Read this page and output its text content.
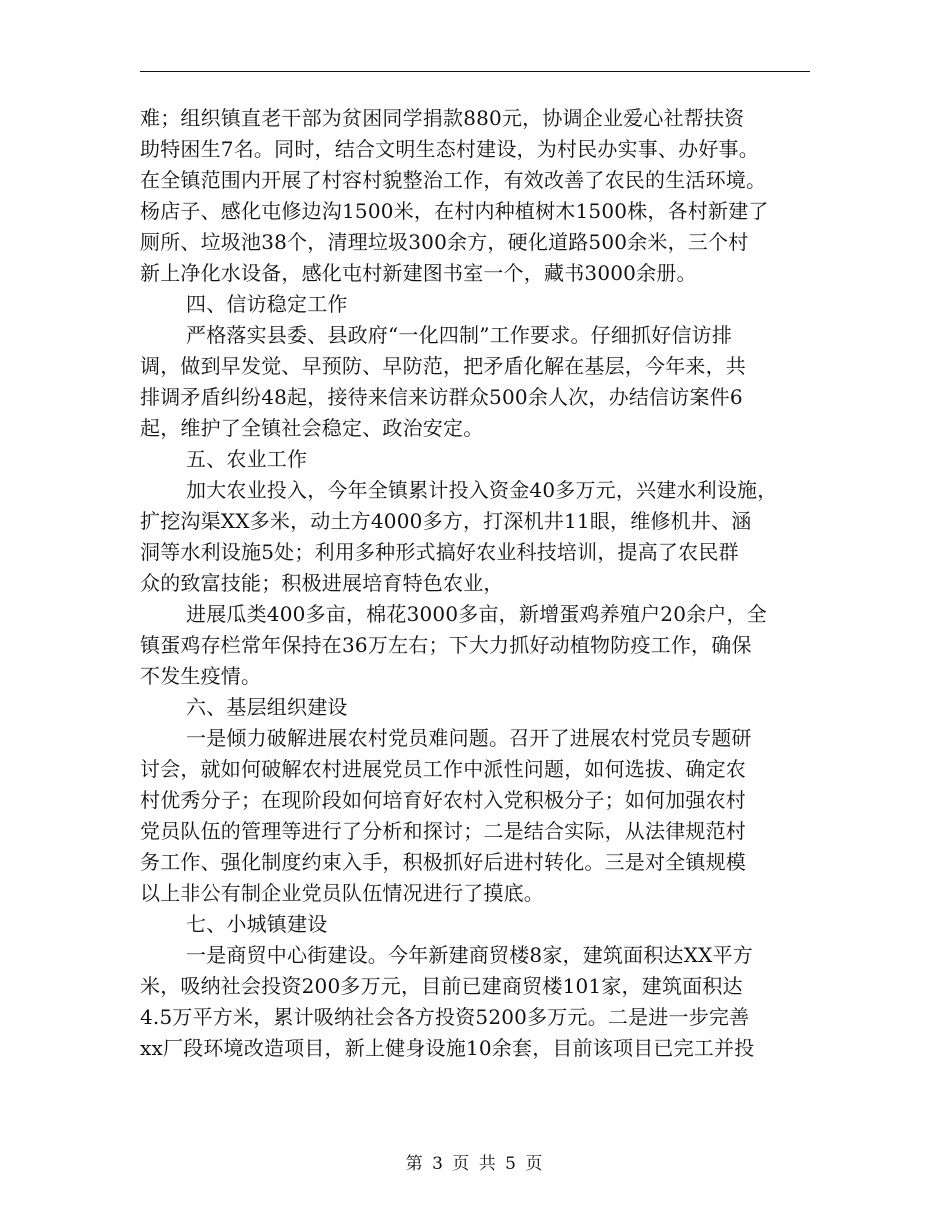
难；组织镇直老干部为贫困同学捐款880元，协调企业爱心社帮扶资
助特困生7名。同时，结合文明生态村建设，为村民办实事、办好事。
在全镇范围内开展了村容村貌整治工作，有效改善了农民的生活环境。
杨店子、感化屯修边沟1500米，在村内种植树木1500株，各村新建了
厕所、垃圾池38个，清理垃圾300余方，硬化道路500余米，三个村
新上净化水设备，感化屯村新建图书室一个，藏书3000余册。
四、信访稳定工作
严格落实县委、县政府“一化四制”工作要求。仔细抓好信访排
调，做到早发觉、早预防、早防范，把矛盾化解在基层，今年来，共
排调矛盾纠纷48起，接待来信来访群众500余人次，办结信访案件6
起，维护了全镇社会稳定、政治安定。
五、农业工作
加大农业投入，今年全镇累计投入资金40多万元，兴建水利设施，
扩挖沟渠XX多米，动土方4000多方，打深机井11眼，维修机井、涵
洞等水利设施5处；利用多种形式搞好农业科技培训，提高了农民群
众的致富技能；积极进展培育特色农业，
进展瓜类400多亩，棉花3000多亩，新增蛋鸡养殖户20余户，全
镇蛋鸡存栏常年保持在36万左右；下大力抓好动植物防疫工作，确保
不发生疫情。
六、基层组织建设
一是倾力破解进展农村党员难问题。召开了进展农村党员专题研
讨会，就如何破解农村进展党员工作中派性问题，如何选拔、确定农
村优秀分子；在现阶段如何培育好农村入党积极分子；如何加强农村
党员队伍的管理等进行了分析和探讨；二是结合实际，从法律规范村
务工作、强化制度约束入手，积极抓好后进村转化。三是对全镇规模
以上非公有制企业党员队伍情况进行了摸底。
七、小城镇建设
一是商贸中心街建设。今年新建商贸楼8家，建筑面积达XX平方
米，吸纳社会投资200多万元，目前已建商贸楼101家，建筑面积达
4.5万平方米，累计吸纳社会各方投资5200多万元。二是进一步完善
xx厂段环境改造项目，新上健身设施10余套，目前该项目已完工并投
第 3 页 共 5 页
